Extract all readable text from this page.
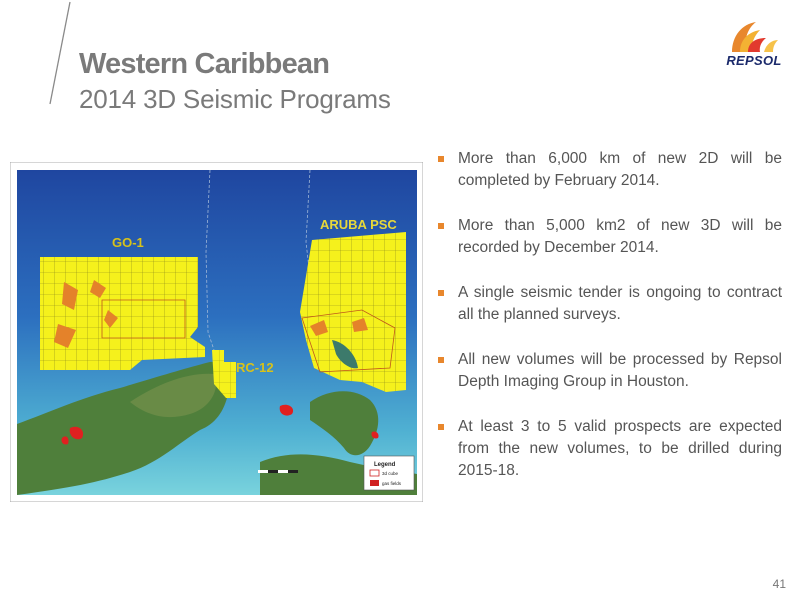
Western Caribbean
2014 3D Seismic Programs
REPSOL
GO-1
ARUBA PSC
RC-12
Legend
3d cube
gas fields
More than 6,000 km of new 2D will be completed by February 2014.
More than 5,000 km2 of new 3D will be recorded by December 2014.
A single seismic tender is ongoing to contract all the planned surveys.
All new volumes will be processed by Repsol Depth Imaging Group in Houston.
At least 3 to 5 valid prospects are expected from the new volumes, to be drilled during 2015-18.
41
